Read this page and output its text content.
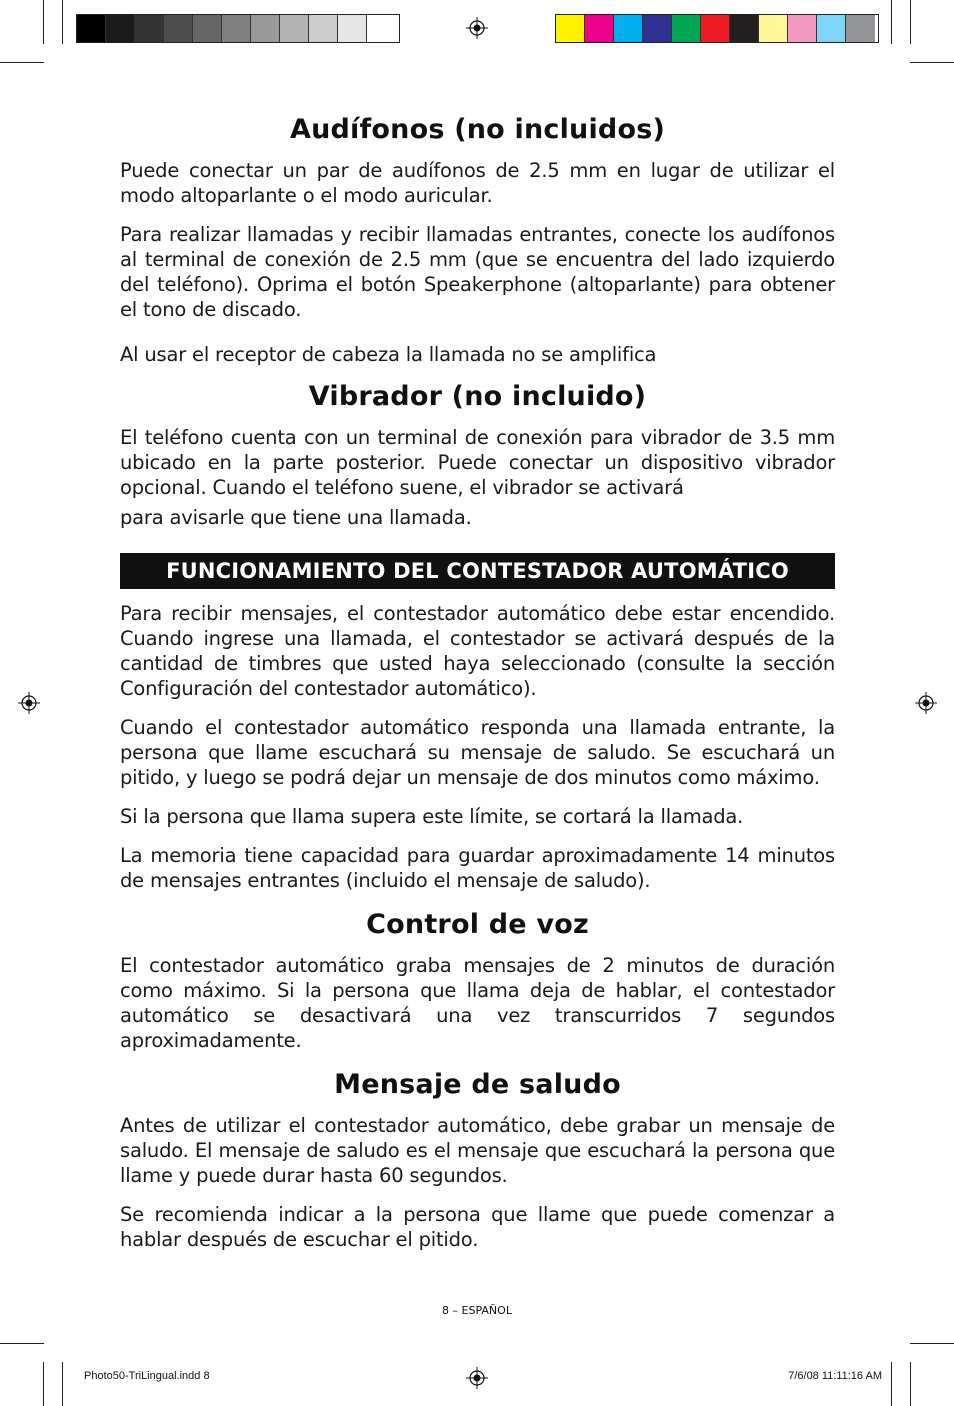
Audífonos (no incluidos)

Puede conectar un par de audífonos de 2.5 mm en lugar de utilizar el modo altoparlante o el modo auricular.

Para realizar llamadas y recibir llamadas entrantes, conecte los audífonos al terminal de conexión de 2.5 mm (que se encuentra del lado izquierdo del teléfono). Oprima el botón Speakerphone (altoparlante) para obtener el tono de discado.

Al usar el receptor de cabeza la llamada no se amplifica

Vibrador (no incluido)

El teléfono cuenta con un terminal de conexión para vibrador de 3.5 mm ubicado en la parte posterior. Puede conectar un dispositivo vibrador opcional. Cuando el teléfono suene, el vibrador se activará

para avisarle que tiene una llamada.

FUNCIONAMIENTO DEL CONTESTADOR AUTOMÁTICO

Para recibir mensajes, el contestador automático debe estar encendido. Cuando ingrese una llamada, el contestador se activará después de la cantidad de timbres que usted haya seleccionado (consulte la sección Configuración del contestador automático).

Cuando el contestador automático responda una llamada entrante, la persona que llame escuchará su mensaje de saludo. Se escuchará un pitido, y luego se podrá dejar un mensaje de dos minutos como máximo.

Si la persona que llama supera este límite, se cortará la llamada.

La memoria tiene capacidad para guardar aproximadamente 14 minutos de mensajes entrantes (incluido el mensaje de saludo).

Control de voz

El contestador automático graba mensajes de 2 minutos de duración como máximo. Si la persona que llama deja de hablar, el contestador automático se desactivará una vez transcurridos 7 segundos aproximadamente.

Mensaje de saludo

Antes de utilizar el contestador automático, debe grabar un mensaje de saludo. El mensaje de saludo es el mensaje que escuchará la persona que llame y puede durar hasta 60 segundos.

Se recomienda indicar a la persona que llame que puede comenzar a hablar después de escuchar el pitido.

8 – ESPAÑOL
Photo50-TriLingual.indd 8	7/6/08 11:11:16 AM
